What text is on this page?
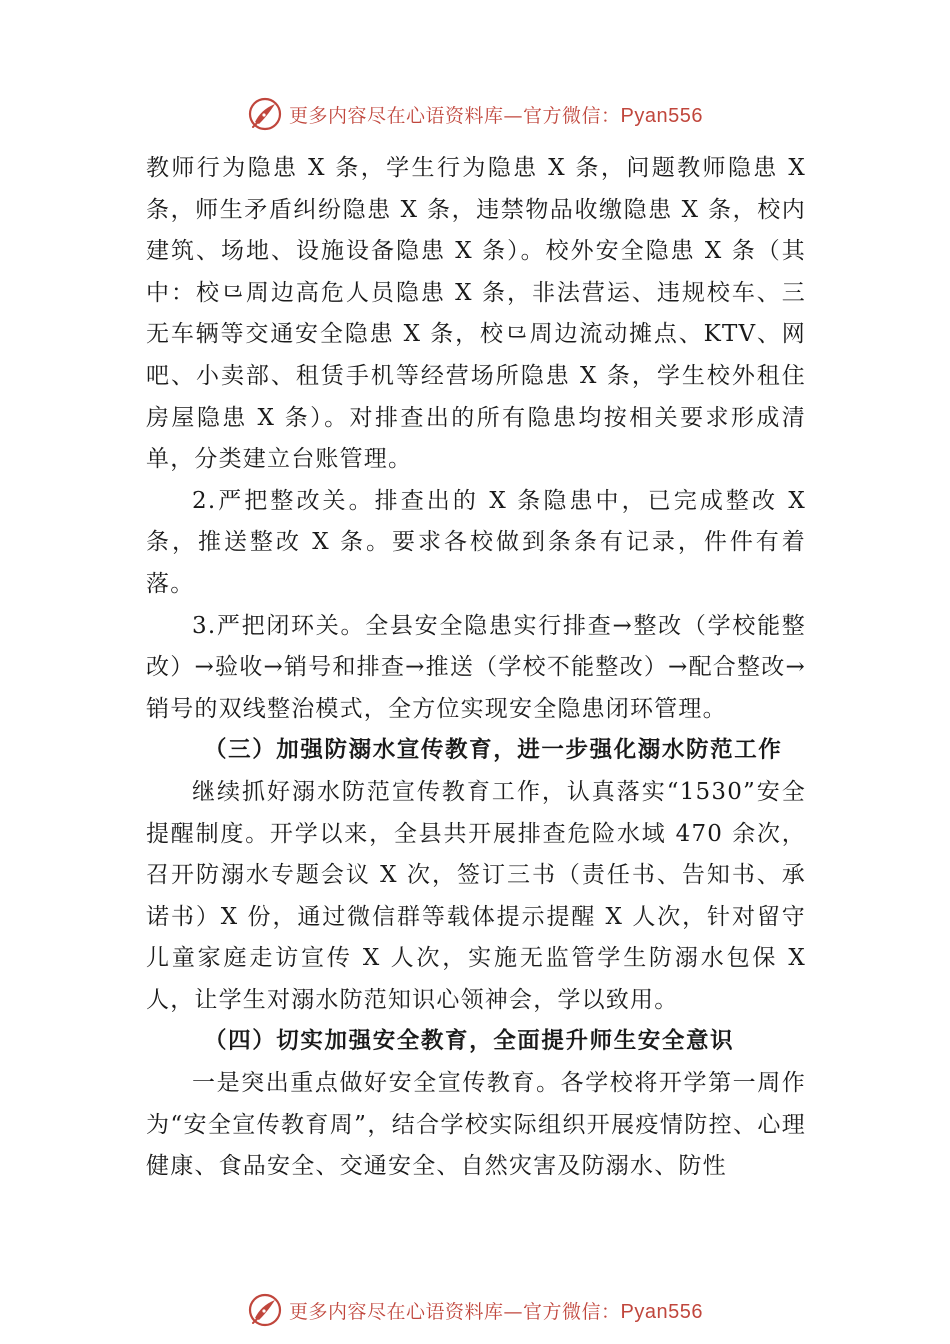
更多内容尽在心语资料库—官方微信：Pyan556

教师行为隐患 X 条，学生行为隐患 X 条，问题教师隐患 X 条，师生矛盾纠纷隐患 X 条，违禁物品收缴隐患 X 条，校内建筑、场地、设施设备隐患 X 条）。校外安全隐患 X 条（其中：校⺋周边高危人员隐患 X 条，非法营运、违规校车、三无车辆等交通安全隐患 X 条，校⺋周边流动摊点、KTV、网吧、小卖部、租赁手机等经营场所隐患 X 条，学生校外租住房屋隐患 X 条）。对排查出的所有隐患均按相关要求形成清单，分类建立台账管理。

2.严把整改关。排查出的 X 条隐患中，已完成整改 X 条，推送整改 X 条。要求各校做到条条有记录，件件有着落。

3.严把闭环关。全县安全隐患实行排查→整改（学校能整改）→验收→销号和排查→推送（学校不能整改）→配合整改→销号的双线整治模式，全方位实现安全隐患闭环管理。

（三）加强防溺水宣传教育，进一步强化溺水防范工作

继续抓好溺水防范宣传教育工作，认真落实“1530”安全提醒制度。开学以来，全县共开展排查危险水域 470 余次，召开防溺水专题会议 X 次，签订三书（责任书、告知书、承诺书）X 份，通过微信群等载体提示提醒 X 人次，针对留守儿童家庭走访宣传 X 人次，实施无监管学生防溺水包保 X 人，让学生对溺水防范知识心领神会，学以致用。

（四）切实加强安全教育，全面提升师生安全意识

一是突出重点做好安全宣传教育。各学校将开学第一周作为“安全宣传教育周”，结合学校实际组织开展疫情防控、心理健康、食品安全、交通安全、自然灾害及防溺水、防性

更多内容尽在心语资料库—官方微信：Pyan556
